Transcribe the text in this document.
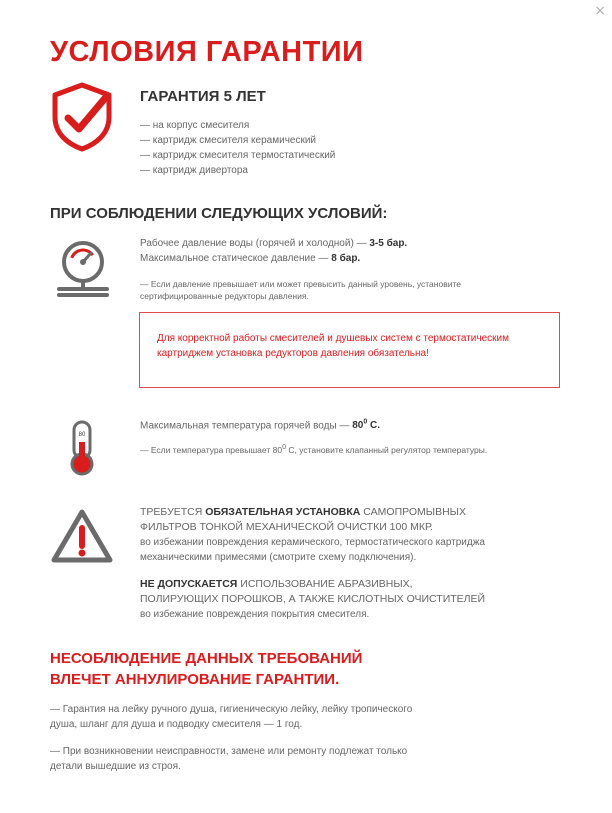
×
УСЛОВИЯ ГАРАНТИИ
ГАРАНТИЯ 5 ЛЕТ
— на корпус смесителя
— картридж смесителя керамический
— картридж смесителя термостатический
— картридж дивертора
ПРИ СОБЛЮДЕНИИ СЛЕДУЮЩИХ УСЛОВИЙ:

Рабочее давление воды (горячей и холодной) — 3-5 бар.
Максимальное статическое давление — 8 бар.

— Если давление превышает или может превысить данный уровень, установите сертифицированные редукторы давления.

Для корректной работы смесителей и душевых систем с термостатическим картриджем установка редукторов давления обязательна!

80

Максимальная температура горячей воды — $80^0$ С.

— Если температура превышает $80^0$ С, установите клапанный регулятор температуры.

ТРЕБУЕТСЯ ОБЯЗАТЕЛЬНАЯ УСТАНОВКА САМОПРОМЫВНЫХ
ФИЛЬТРОВ ТОНКОЙ МЕХАНИЧЕСКОЙ ОЧИСТКИ 100 МКР.
во избежании повреждения керамического, термостатического картриджа
механическими примесями (смотрите схему подключения).

НЕ ДОПУСКАЕТСЯ ИСПОЛЬЗОВАНИЕ АБРАЗИВНЫХ,
ПОЛИРУЮЩИХ ПОРОШКОВ, А ТАКЖЕ КИСЛОТНЫХ ОЧИСТИТЕЛЕЙ
во избежание повреждения покрытия смесителя.

НЕСОБЛЮДЕНИЕ ДАННЫХ ТРЕБОВАНИЙ
ВЛЕЧЕТ АННУЛИРОВАНИЕ ГАРАНТИИ.

— Гарантия на лейку ручного душа, гигиеническую лейку, лейку тропического
душа, шланг для душа и подводку смесителя — 1 год.

— При возникновении неисправности, замене или ремонту подлежат только
детали вышедшие из строя.
